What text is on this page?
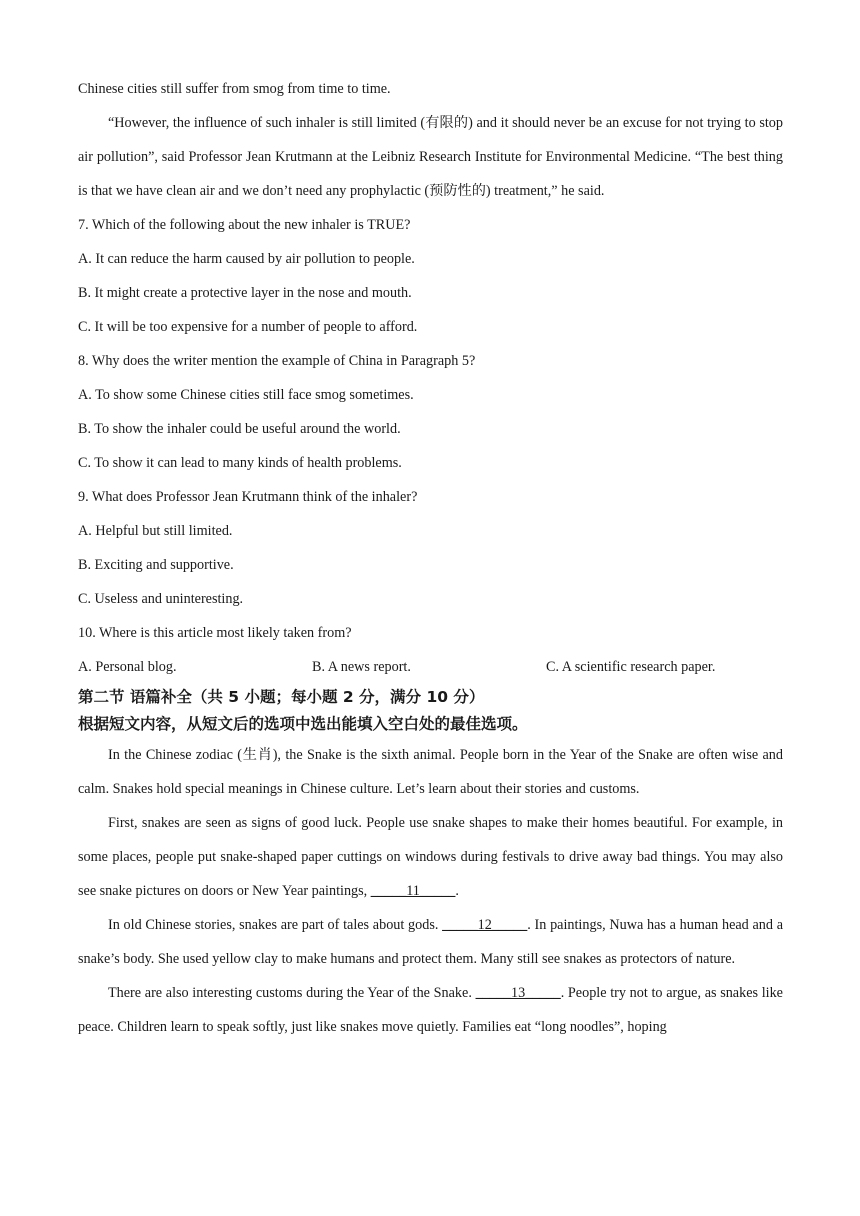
Chinese cities still suffer from smog from time to time.

“However, the influence of such inhaler is still limited (有限的) and it should never be an excuse for not trying to stop air pollution”, said Professor Jean Krutmann at the Leibniz Research Institute for Environmental Medicine. “The best thing is that we have clean air and we don’t need any prophylactic (预防性的) treatment,” he said.

7. Which of the following about the new inhaler is TRUE?
A. It can reduce the harm caused by air pollution to people.
B. It might create a protective layer in the nose and mouth.
C. It will be too expensive for a number of people to afford.
8. Why does the writer mention the example of China in Paragraph 5?
A. To show some Chinese cities still face smog sometimes.
B. To show the inhaler could be useful around the world.
C. To show it can lead to many kinds of health problems.
9. What does Professor Jean Krutmann think of the inhaler?
A. Helpful but still limited.
B. Exciting and supportive.
C. Useless and uninteresting.
10. Where is this article most likely taken from?
A. Personal blog.	B. A news report.	C. A scientific research paper.
第二节 语篇补全（共 5 小题；每小题 2 分，满分 10 分）
根据短文内容，从短文后的选项中选出能填入空白处的最佳选项。

In the Chinese zodiac (生肖), the Snake is the sixth animal. People born in the Year of the Snake are often wise and calm. Snakes hold special meanings in Chinese culture. Let’s learn about their stories and customs.

First, snakes are seen as signs of good luck. People use snake shapes to make their homes beautiful. For example, in some places, people put snake-shaped paper cuttings on windows during festivals to drive away bad things. You may also see snake pictures on doors or New Year paintings, _____11_____.

In old Chinese stories, snakes are part of tales about gods. _____12_____. In paintings, Nuwa has a human head and a snake’s body. She used yellow clay to make humans and protect them. Many still see snakes as protectors of nature.

There are also interesting customs during the Year of the Snake. _____13_____. People try not to argue, as snakes like peace. Children learn to speak softly, just like snakes move quietly. Families eat “long noodles”, hoping
